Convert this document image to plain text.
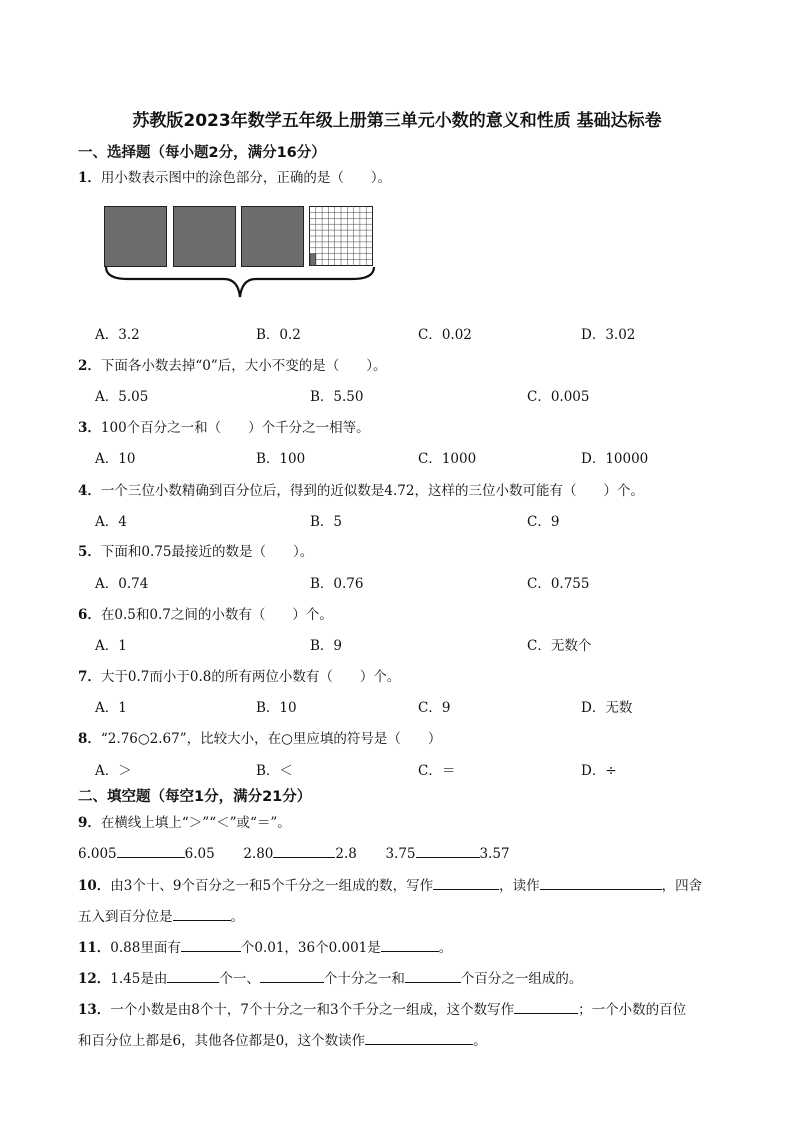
苏教版2023年数学五年级上册第三单元小数的意义和性质 基础达标卷
一、选择题（每小题2分，满分16分）
1．用小数表示图中的涂色部分，正确的是（　　）。
A．3.2	B．0.2	C．0.02	D．3.02
2．下面各小数去掉“0”后，大小不变的是（　　）。
A．5.05	B．5.50	C．0.005
3．100个百分之一和（　　）个千分之一相等。
A．10	B．100	C．1000	D．10000
4．一个三位小数精确到百分位后，得到的近似数是4.72，这样的三位小数可能有（　　）个。
A．4	B．5	C．9
5．下面和0.75最接近的数是（　　）。
A．0.74	B．0.76	C．0.755
6．在0.5和0.7之间的小数有（　　）个。
A．1	B．9	C．无数个
7．大于0.7而小于0.8的所有两位小数有（　　）个。
A．1	B．10	C．9	D．无数
8．“2.76○2.67”，比较大小，在○里应填的符号是（　　）
A．＞	B．＜	C．＝	D．÷
二、填空题（每空1分，满分21分）
9．在横线上填上“＞”“＜”或“＝”。
6.005	6.05 2.80	2.8 3.75	3.57
10．由3个十、9个百分之一和5个千分之一组成的数，写作	，读作	，四舍
五入到百分位是	。
11．0.88里面有	个0.01，36个0.001是	。
12．1.45是由	个一、	个十分之一和	个百分之一组成的。
13．一个小数是由8个十，7个十分之一和3个千分之一组成，这个数写作	；一个小数的百位
和百分位上都是6，其他各位都是0，这个数读作	。
